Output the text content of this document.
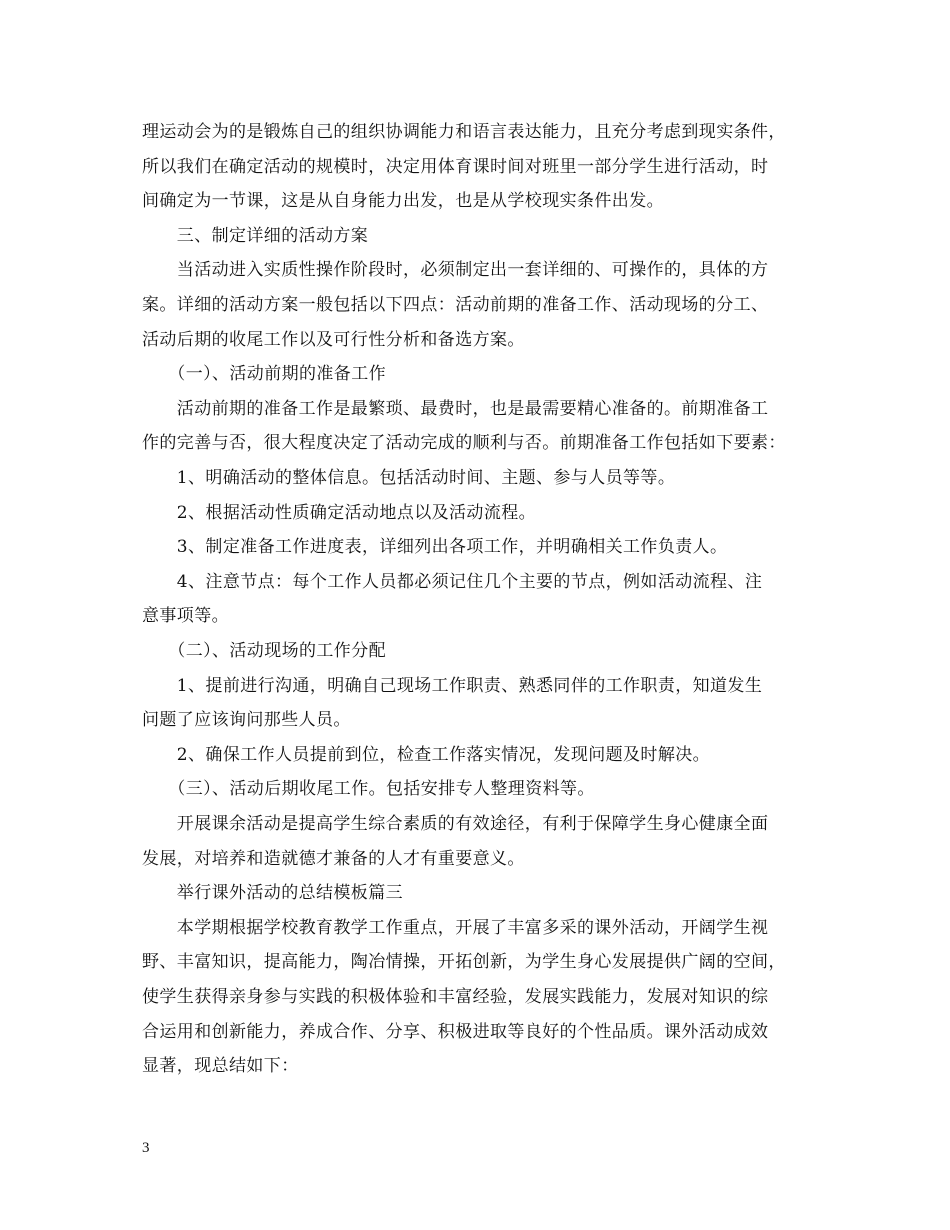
理运动会为的是锻炼自己的组织协调能力和语言表达能力，且充分考虑到现实条件，
所以我们在确定活动的规模时，决定用体育课时间对班里一部分学生进行活动，时
间确定为一节课，这是从自身能力出发，也是从学校现实条件出发。
　　三、制定详细的活动方案
　　当活动进入实质性操作阶段时，必须制定出一套详细的、可操作的，具体的方
案。详细的活动方案一般包括以下四点：活动前期的准备工作、活动现场的分工、
活动后期的收尾工作以及可行性分析和备选方案。
　　（一）、活动前期的准备工作
　　活动前期的准备工作是最繁琐、最费时，也是最需要精心准备的。前期准备工
作的完善与否，很大程度决定了活动完成的顺利与否。前期准备工作包括如下要素：
　　1、明确活动的整体信息。包括活动时间、主题、参与人员等等。
　　2、根据活动性质确定活动地点以及活动流程。
　　3、制定准备工作进度表，详细列出各项工作，并明确相关工作负责人。
　　4、注意节点：每个工作人员都必须记住几个主要的节点，例如活动流程、注
意事项等。
　　（二）、活动现场的工作分配
　　1、提前进行沟通，明确自己现场工作职责、熟悉同伴的工作职责，知道发生
问题了应该询问那些人员。
　　2、确保工作人员提前到位，检查工作落实情况，发现问题及时解决。
　　（三）、活动后期收尾工作。包括安排专人整理资料等。
　　开展课余活动是提高学生综合素质的有效途径，有利于保障学生身心健康全面
发展，对培养和造就德才兼备的人才有重要意义。
　　举行课外活动的总结模板篇三
　　本学期根据学校教育教学工作重点，开展了丰富多采的课外活动，开阔学生视
野、丰富知识，提高能力，陶冶情操，开拓创新，为学生身心发展提供广阔的空间，
使学生获得亲身参与实践的积极体验和丰富经验，发展实践能力，发展对知识的综
合运用和创新能力，养成合作、分享、积极进取等良好的个性品质。课外活动成效
显著，现总结如下：
3
